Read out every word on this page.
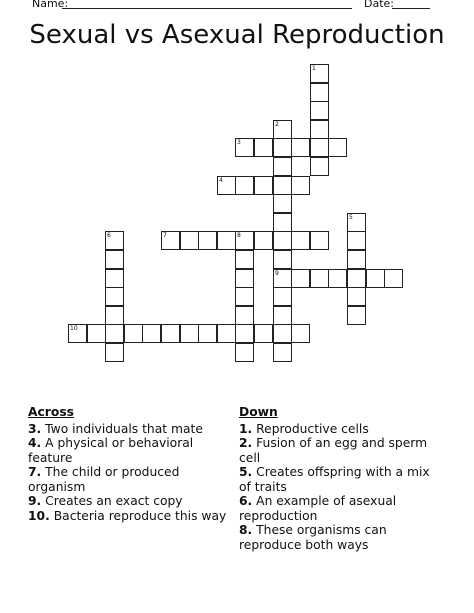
Name:	Date:
Sexual vs Asexual Reproduction
1
2
9
3
4
5
6	7	8
10
Across
3. Two individuals that mate
4. A physical or behavioral feature
7. The child or produced organism
9. Creates an exact copy
10. Bacteria reproduce this way
Down
1. Reproductive cells
2. Fusion of an egg and sperm cell
5. Creates offspring with a mix of traits
6. An example of asexual reproduction
8. These organisms can reproduce both ways
